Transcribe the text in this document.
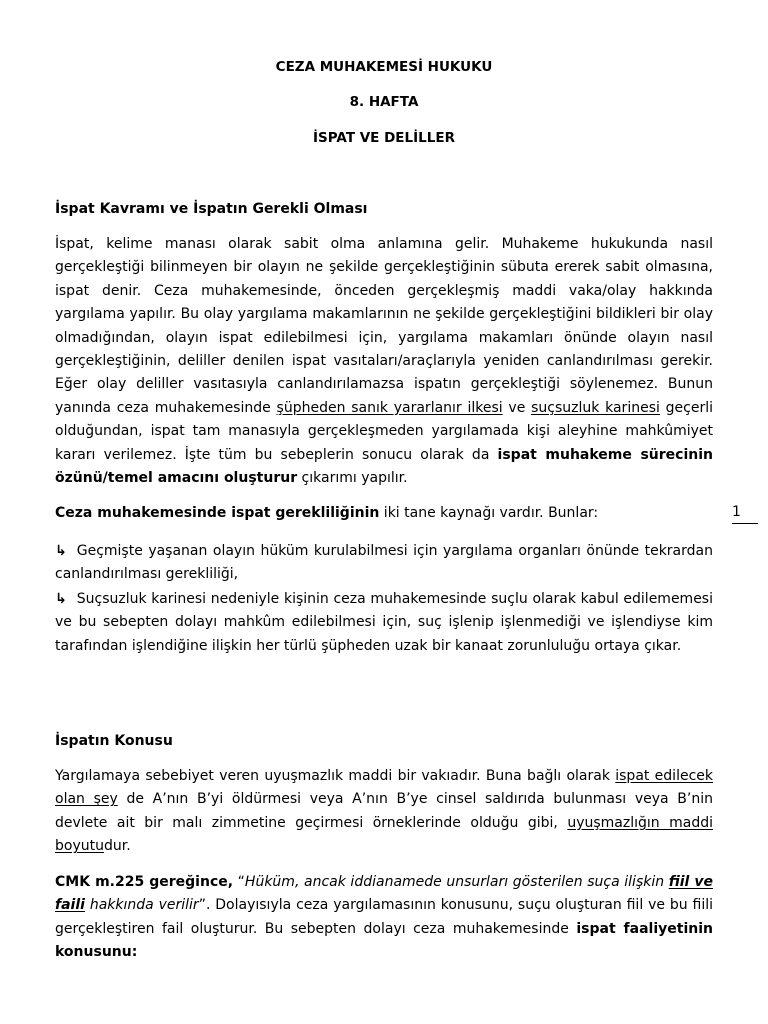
CEZA MUHAKEMESİ HUKUKU
8. HAFTA
İSPAT VE DELİLLER
İspat Kavramı ve İspatın Gerekli Olması

İspat, kelime manası olarak sabit olma anlamına gelir. Muhakeme hukukunda nasıl gerçekleştiği bilinmeyen bir olayın ne şekilde gerçekleştiğinin sübuta ererek sabit olmasına, ispat denir. Ceza muhakemesinde, önceden gerçekleşmiş maddi vaka/olay hakkında yargılama yapılır. Bu olay yargılama makamlarının ne şekilde gerçekleştiğini bildikleri bir olay olmadığından, olayın ispat edilebilmesi için, yargılama makamları önünde olayın nasıl gerçekleştiğinin, deliller denilen ispat vasıtaları/araçlarıyla yeniden canlandırılması gerekir. Eğer olay deliller vasıtasıyla canlandırılamazsa ispatın gerçekleştiği söylenemez. Bunun yanında ceza muhakemesinde şüpheden sanık yararlanır ilkesi ve suçsuzluk karinesi geçerli olduğundan, ispat tam manasıyla gerçekleşmeden yargılamada kişi aleyhine mahkûmiyet kararı verilemez. İşte tüm bu sebeplerin sonucu olarak da ispat muhakeme sürecinin özünü/temel amacını oluşturur çıkarımı yapılır.

Ceza muhakemesinde ispat gerekliliğinin iki tane kaynağı vardır. Bunlar:

↳ Geçmişte yaşanan olayın hüküm kurulabilmesi için yargılama organları önünde tekrardan canlandırılması gerekliliği,

↳ Suçsuzluk karinesi nedeniyle kişinin ceza muhakemesinde suçlu olarak kabul edilememesi ve bu sebepten dolayı mahkûm edilebilmesi için, suç işlenip işlenmediği ve işlendiyse kim tarafından işlendiğine ilişkin her türlü şüpheden uzak bir kanaat zorunluluğu ortaya çıkar.

İspatın Konusu

Yargılamaya sebebiyet veren uyuşmazlık maddi bir vakıadır. Buna bağlı olarak ispat edilecek olan şey de A’nın B’yi öldürmesi veya A’nın B’ye cinsel saldırıda bulunması veya B’nin devlete ait bir malı zimmetine geçirmesi örneklerinde olduğu gibi, uyuşmazlığın maddi boyutudur.

CMK m.225 gereğince, “Hüküm, ancak iddianamede unsurları gösterilen suça ilişkin fiil ve faili hakkında verilir”. Dolayısıyla ceza yargılamasının konusunu, suçu oluşturan fiil ve bu fiili gerçekleştiren fail oluşturur. Bu sebepten dolayı ceza muhakemesinde ispat faaliyetinin konusunu:

1
